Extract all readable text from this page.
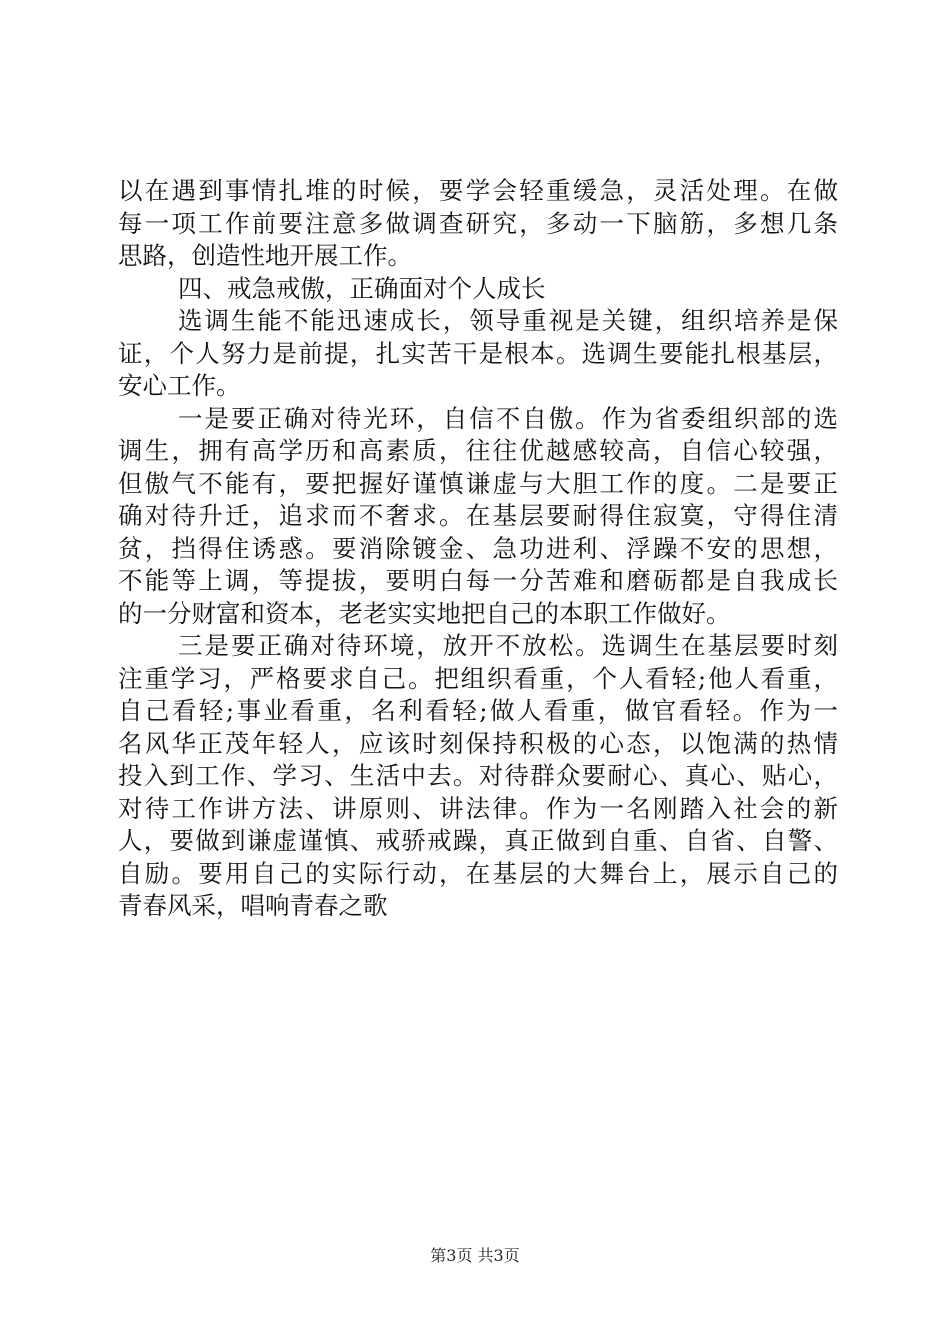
以在遇到事情扎堆的时候，要学会轻重缓急，灵活处理。在做
每一项工作前要注意多做调查研究，多动一下脑筋，多想几条
思路，创造性地开展工作。
四、戒急戒傲，正确面对个人成长
选调生能不能迅速成长，领导重视是关键，组织培养是保
证，个人努力是前提，扎实苦干是根本。选调生要能扎根基层，
安心工作。
一是要正确对待光环，自信不自傲。作为省委组织部的选
调生，拥有高学历和高素质，往往优越感较高，自信心较强，
但傲气不能有，要把握好谨慎谦虚与大胆工作的度。二是要正
确对待升迁，追求而不奢求。在基层要耐得住寂寞，守得住清
贫，挡得住诱惑。要消除镀金、急功进利、浮躁不安的思想，
不能等上调，等提拔，要明白每一分苦难和磨砺都是自我成长
的一分财富和资本，老老实实地把自己的本职工作做好。
三是要正确对待环境，放开不放松。选调生在基层要时刻
注重学习，严格要求自己。把组织看重，个人看轻;他人看重，
自己看轻;事业看重，名利看轻;做人看重，做官看轻。作为一
名风华正茂年轻人，应该时刻保持积极的心态，以饱满的热情
投入到工作、学习、生活中去。对待群众要耐心、真心、贴心，
对待工作讲方法、讲原则、讲法律。作为一名刚踏入社会的新
人，要做到谦虚谨慎、戒骄戒躁，真正做到自重、自省、自警、
自励。要用自己的实际行动，在基层的大舞台上，展示自己的
青春风采，唱响青春之歌
第3页 共3页
